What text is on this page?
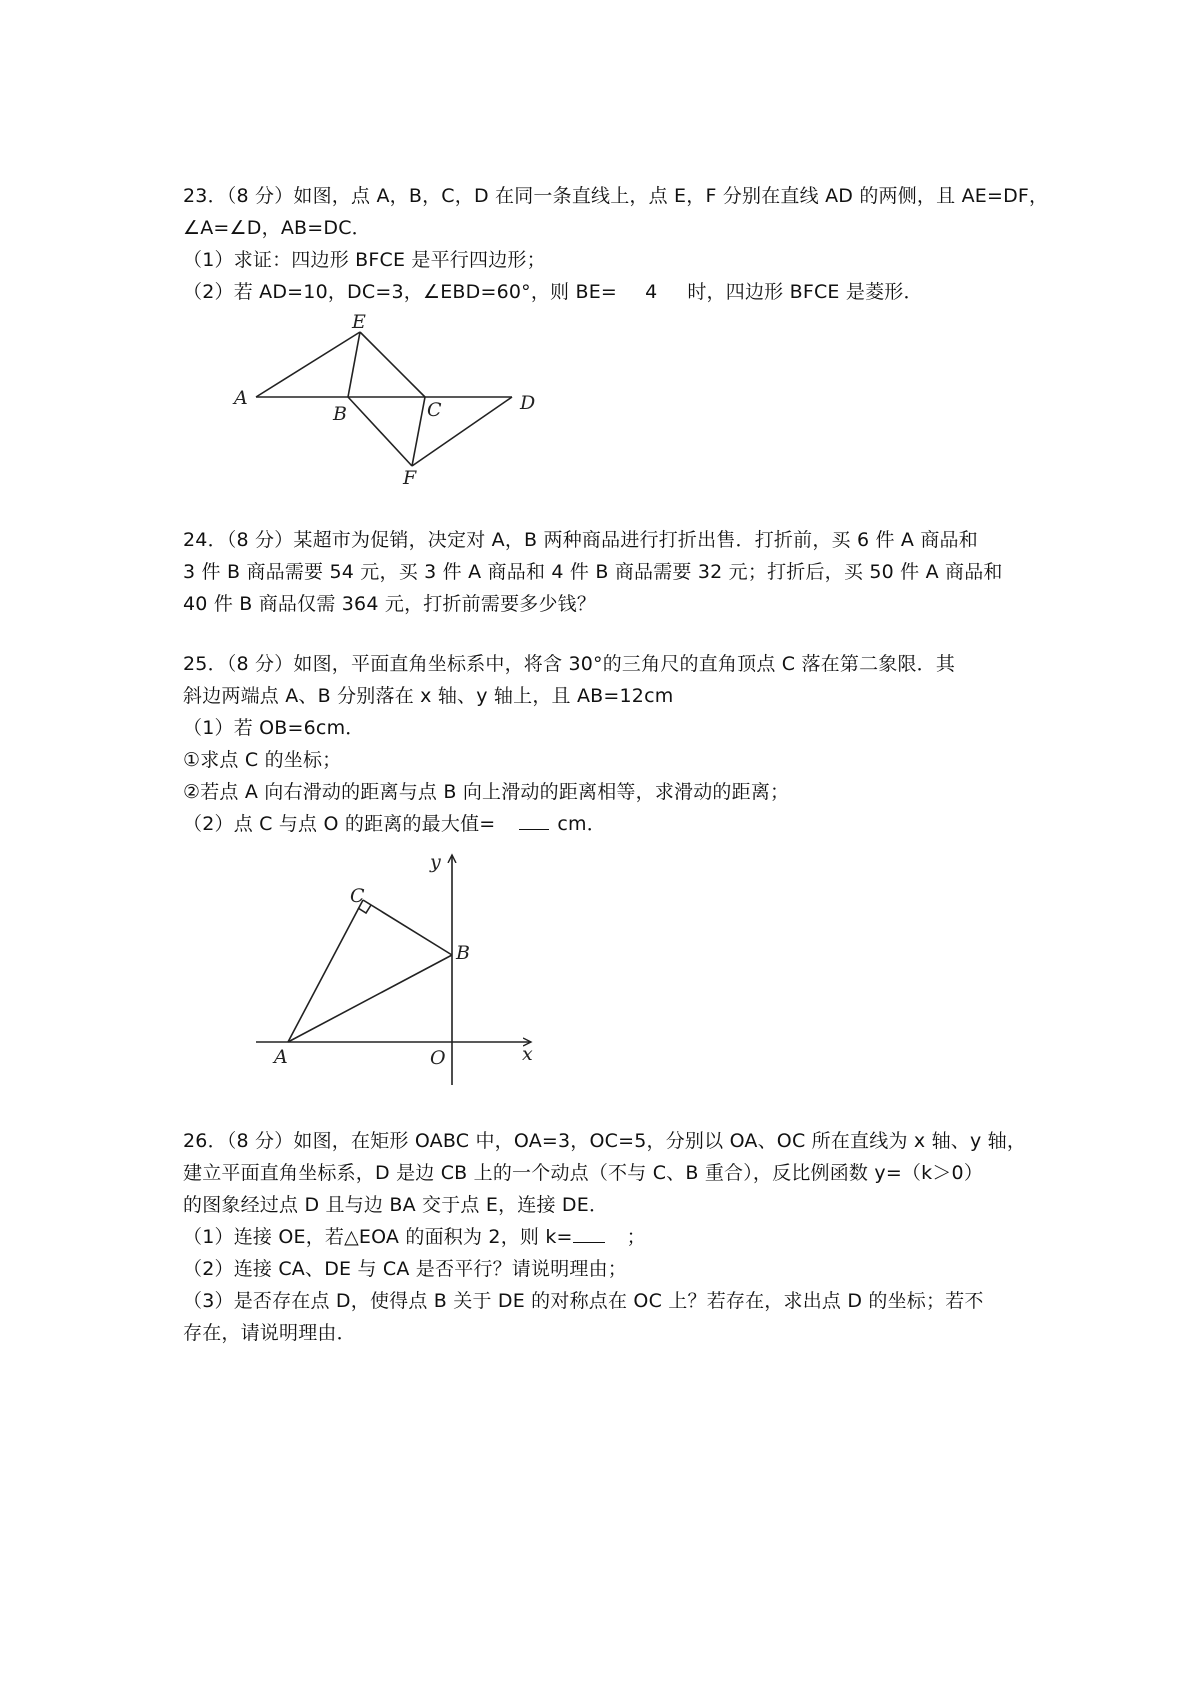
23．（8 分）如图，点 A，B，C，D 在同一条直线上，点 E，F 分别在直线 AD 的两侧，且 AE=DF，
∠A=∠D，AB=DC．
（1）求证：四边形 BFCE 是平行四边形；
（2）若 AD=10，DC=3，∠EBD=60°，则 BE= 4 时，四边形 BFCE 是菱形．
E
A
B	C	D
F
24．（8 分）某超市为促销，决定对 A，B 两种商品进行打折出售．打折前，买 6 件 A 商品和
3 件 B 商品需要 54 元，买 3 件 A 商品和 4 件 B 商品需要 32 元；打折后，买 50 件 A 商品和
40 件 B 商品仅需 364 元，打折前需要多少钱？
25．（8 分）如图，平面直角坐标系中，将含 30°的三角尺的直角顶点 C 落在第二象限．其
斜边两端点 A、B 分别落在 x 轴、y 轴上，且 AB=12cm
（1）若 OB=6cm．
①求点 C 的坐标；
②若点 A 向右滑动的距离与点 B 向上滑动的距离相等，求滑动的距离；
（2）点 C 与点 O 的距离的最大值=	cm．
y
C
B
A	O	x
26．（8 分）如图，在矩形 OABC 中，OA=3，OC=5，分别以 OA、OC 所在直线为 x 轴、y 轴，
建立平面直角坐标系，D 是边 CB 上的一个动点（不与 C、B 重合），反比例函数 y=（k＞0）
的图象经过点 D 且与边 BA 交于点 E，连接 DE．
（1）连接 OE，若△EOA 的面积为 2，则 k=	；
（2）连接 CA、DE 与 CA 是否平行？请说明理由；
（3）是否存在点 D，使得点 B 关于 DE 的对称点在 OC 上？若存在，求出点 D 的坐标；若不
存在，请说明理由．
